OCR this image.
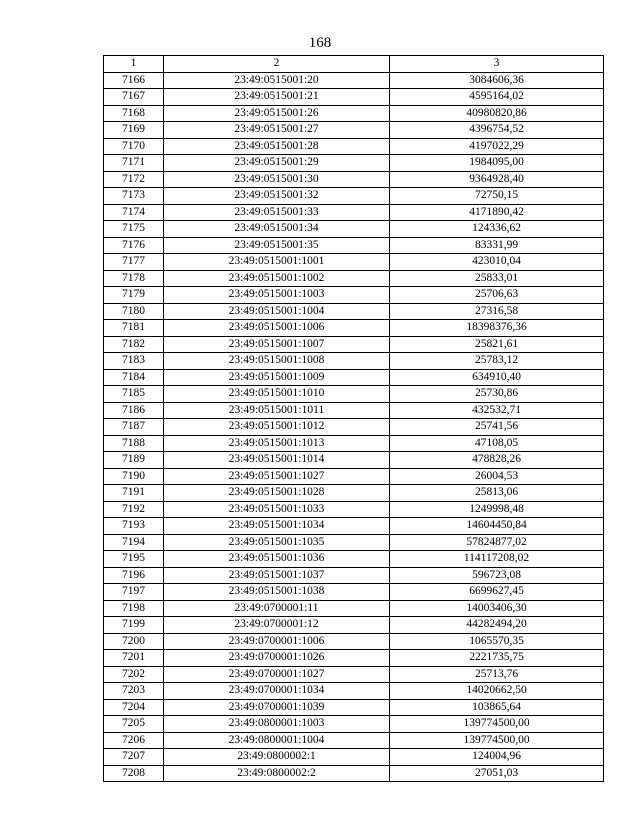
168
1	2	3
7166	23:49:0515001:20	3084606,36
7167	23:49:0515001:21	4595164,02
7168	23:49:0515001:26	40980820,86
7169	23:49:0515001:27	4396754,52
7170	23:49:0515001:28	4197022,29
7171	23:49:0515001:29	1984095,00
7172	23:49:0515001:30	9364928,40
7173	23:49:0515001:32	72750,15
7174	23:49:0515001:33	4171890,42
7175	23:49:0515001:34	124336,62
7176	23:49:0515001:35	83331,99
7177	23:49:0515001:1001	423010,04
7178	23:49:0515001:1002	25833,01
7179	23:49:0515001:1003	25706,63
7180	23:49:0515001:1004	27316,58
7181	23:49:0515001:1006	18398376,36
7182	23:49:0515001:1007	25821,61
7183	23:49:0515001:1008	25783,12
7184	23:49:0515001:1009	634910,40
7185	23:49:0515001:1010	25730,86
7186	23:49:0515001:1011	432532,71
7187	23:49:0515001:1012	25741,56
7188	23:49:0515001:1013	47108,05
7189	23:49:0515001:1014	478828,26
7190	23:49:0515001:1027	26004,53
7191	23:49:0515001:1028	25813,06
7192	23:49:0515001:1033	1249998,48
7193	23:49:0515001:1034	14604450,84
7194	23:49:0515001:1035	57824877,02
7195	23:49:0515001:1036	114117208,02
7196	23:49:0515001:1037	596723,08
7197	23:49:0515001:1038	6699627,45
7198	23:49:0700001:11	14003406,30
7199	23:49:0700001:12	44282494,20
7200	23:49:0700001:1006	1065570,35
7201	23:49:0700001:1026	2221735,75
7202	23:49:0700001:1027	25713,76
7203	23:49:0700001:1034	14020662,50
7204	23:49:0700001:1039	103865,64
7205	23:49:0800001:1003	139774500,00
7206	23:49:0800001:1004	139774500,00
7207	23:49:0800002:1	124004,96
7208	23:49:0800002:2	27051,03
